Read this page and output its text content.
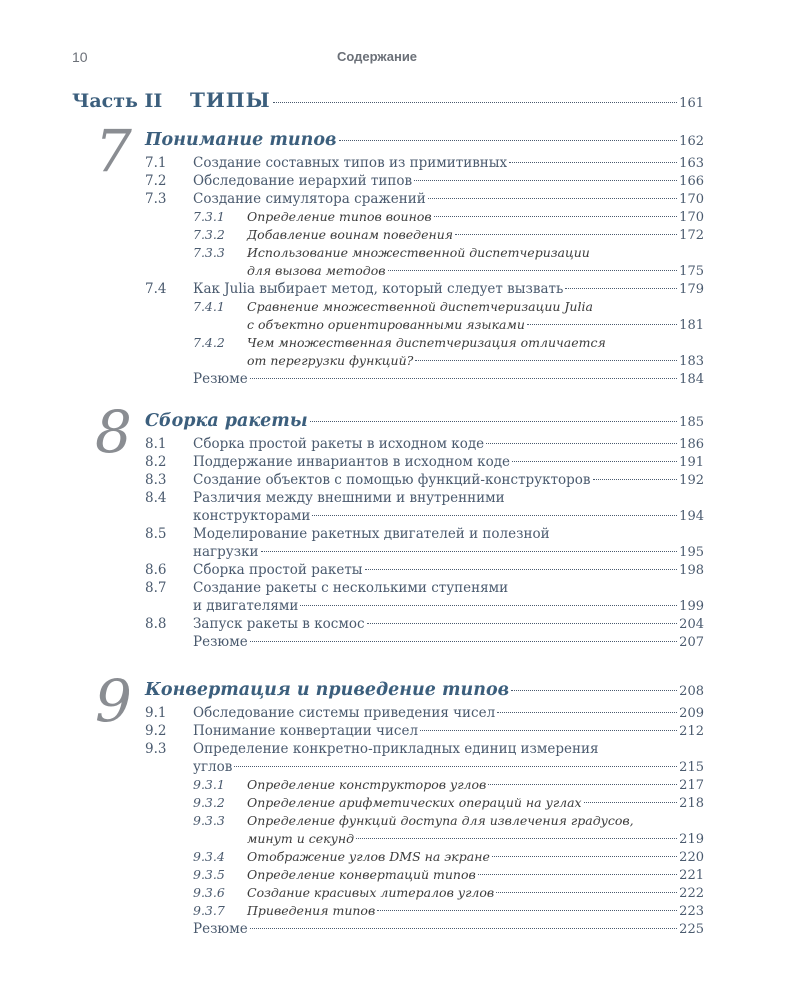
10	Содержание
Часть II	ТИПЫ	161
7 Понимание типов	162
7.1	Создание составных типов из примитивных	163
7.2	Обследование иерархий типов	166
7.3	Создание симулятора сражений	170
7.3.1	Определение типов воинов	170
7.3.2	Добавление воинам поведения	172
7.3.3	Использование множественной диспетчеризации
для вызова методов	175
7.4	Как Julia выбирает метод, который следует вызвать	179
7.4.1	Сравнение множественной диспетчеризации Julia
с объектно ориентированными языками	181
7.4.2	Чем множественная диспетчеризация отличается
от перегрузки функций?	183
Резюме	184
8 Сборка ракеты	185
8.1	Сборка простой ракеты в исходном коде	186
8.2	Поддержание инвариантов в исходном коде	191
8.3	Создание объектов с помощью функций-конструкторов	192
8.4	Различия между внешними и внутренними
конструкторами	194
8.5	Моделирование ракетных двигателей и полезной
нагрузки	195
8.6	Сборка простой ракеты	198
8.7	Создание ракеты с несколькими ступенями
и двигателями	199
8.8	Запуск ракеты в космос	204
Резюме	207
9 Конвертация и приведение типов	208
9.1	Обследование системы приведения чисел	209
9.2	Понимание конвертации чисел	212
9.3	Определение конкретно-прикладных единиц измерения
углов	215
9.3.1	Определение конструкторов углов	217
9.3.2	Определение арифметических операций на углах	218
9.3.3	Определение функций доступа для извлечения градусов,
минут и секунд	219
9.3.4	Отображение углов DMS на экране	220
9.3.5	Определение конвертаций типов	221
9.3.6	Создание красивых литералов углов	222
9.3.7	Приведения типов	223
Резюме	225
